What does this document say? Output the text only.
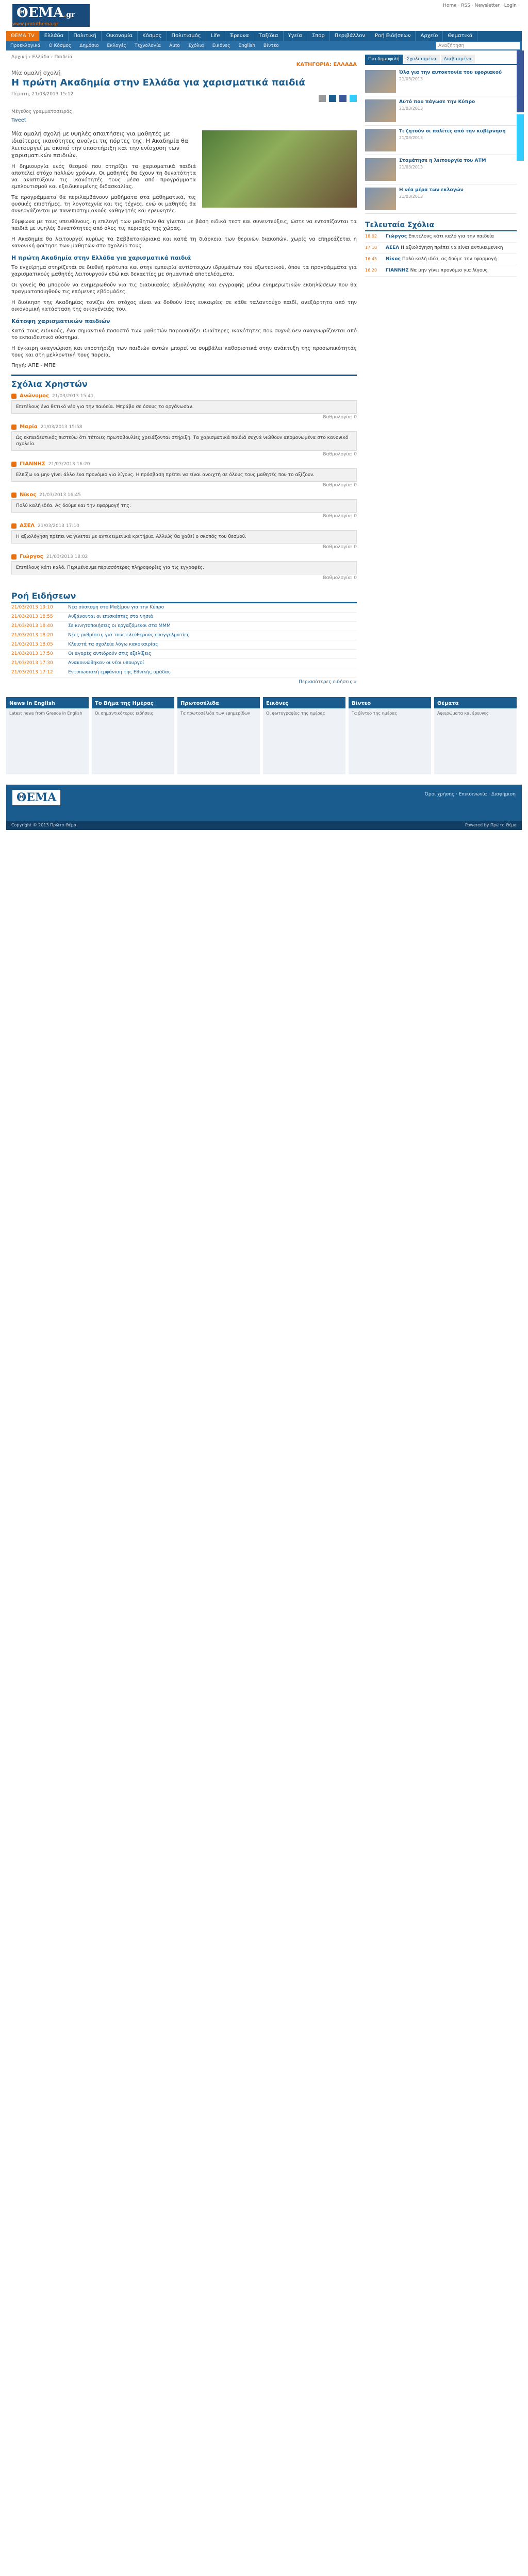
ΘΕΜΑ.gr
www.protothema.gr
Home · RSS · Newsletter · Login
ΘΕΜΑ TV	Ελλάδα	Πολιτική	Οικονομία	Κόσμος	Πολιτισμός	Life	Έρευνα	Ταξίδια	Υγεία	Σπορ	Περιβάλλον	Ροή Ειδήσεων	Αρχείο	Θεματικά
Προεκλογικά	Ο Κόσμος	Δημόσιο	Εκλογές	Τεχνολογία	Auto	Σχόλια	Εικόνες	English	Βίντεο	Αναζήτηση
Αρχική › Ελλάδα › Παιδεία
ΚΑΤΗΓΟΡΙΑ: ΕΛΛΑΔΑ
Μία ομαλή σχολή
Η πρώτη Ακαδημία στην Ελλάδα για χαρισματικά παιδιά
Πέμπτη, 21/03/2013 15:12
Μέγεθος γραμματοσειράς
Tweet
Μία ομαλή σχολή με υψηλές απαιτήσεις για μαθητές με ιδιαίτερες ικανότητες ανοίγει τις πόρτες της. Η Ακαδημία θα λειτουργεί με σκοπό την υποστήριξη και την ενίσχυση των χαρισματικών παιδιών.
Η δημιουργία ενός θεσμού που στηρίζει τα χαρισματικά παιδιά αποτελεί στόχο πολλών χρόνων. Οι μαθητές θα έχουν τη δυνατότητα να αναπτύξουν τις ικανότητές τους μέσα από προγράμματα εμπλουτισμού και εξειδικευμένης διδασκαλίας.
Τα προγράμματα θα περιλαμβάνουν μαθήματα στα μαθηματικά, τις φυσικές επιστήμες, τη λογοτεχνία και τις τέχνες, ενώ οι μαθητές θα συνεργάζονται με πανεπιστημιακούς καθηγητές και ερευνητές.
Σύμφωνα με τους υπευθύνους, η επιλογή των μαθητών θα γίνεται με βάση ειδικά τεστ και συνεντεύξεις, ώστε να εντοπίζονται τα παιδιά με υψηλές δυνατότητες από όλες τις περιοχές της χώρας.
Η Ακαδημία θα λειτουργεί κυρίως τα Σαββατοκύριακα και κατά τη διάρκεια των θερινών διακοπών, χωρίς να επηρεάζεται η κανονική φοίτηση των μαθητών στο σχολείο τους.
Η πρώτη Ακαδημία στην Ελλάδα για χαρισματικά παιδιά
Το εγχείρημα στηρίζεται σε διεθνή πρότυπα και στην εμπειρία αντίστοιχων ιδρυμάτων του εξωτερικού, όπου τα προγράμματα για χαρισματικούς μαθητές λειτουργούν εδώ και δεκαετίες με σημαντικά αποτελέσματα.
Οι γονείς θα μπορούν να ενημερωθούν για τις διαδικασίες αξιολόγησης και εγγραφής μέσω ενημερωτικών εκδηλώσεων που θα πραγματοποιηθούν τις επόμενες εβδομάδες.
Η διοίκηση της Ακαδημίας τονίζει ότι στόχος είναι να δοθούν ίσες ευκαιρίες σε κάθε ταλαντούχο παιδί, ανεξάρτητα από την οικονομική κατάσταση της οικογένειάς του.
Κάτοψη χαρισματικών παιδιών
Κατά τους ειδικούς, ένα σημαντικό ποσοστό των μαθητών παρουσιάζει ιδιαίτερες ικανότητες που συχνά δεν αναγνωρίζονται από το εκπαιδευτικό σύστημα.
Η έγκαιρη αναγνώριση και υποστήριξη των παιδιών αυτών μπορεί να συμβάλει καθοριστικά στην ανάπτυξη της προσωπικότητάς τους και στη μελλοντική τους πορεία.
Πηγή: ΑΠΕ - ΜΠΕ
Σχόλια Χρηστών
Ανώνυμος 21/03/2013 15:41
Επιτέλους ένα θετικό νέο για την παιδεία. Μπράβο σε όσους το οργάνωσαν.
Βαθμολογία: 0
Μαρία 21/03/2013 15:58
Ως εκπαιδευτικός πιστεύω ότι τέτοιες πρωτοβουλίες χρειάζονται στήριξη. Τα χαρισματικά παιδιά συχνά νιώθουν απομονωμένα στο κανονικό σχολείο.
Βαθμολογία: 0
ΓΙΑΝΝΗΣ 21/03/2013 16:20
Ελπίζω να μην γίνει άλλο ένα προνόμιο για λίγους. Η πρόσβαση πρέπει να είναι ανοιχτή σε όλους τους μαθητές που το αξίζουν.
Βαθμολογία: 0
Νίκος 21/03/2013 16:45
Πολύ καλή ιδέα. Ας δούμε και την εφαρμογή της.
Βαθμολογία: 0
ΑΣΕΛ 21/03/2013 17:10
Η αξιολόγηση πρέπει να γίνεται με αντικειμενικά κριτήρια. Αλλιώς θα χαθεί ο σκοπός του θεσμού.
Βαθμολογία: 0
Γιώργος 21/03/2013 18:02
Επιτέλους κάτι καλό. Περιμένουμε περισσότερες πληροφορίες για τις εγγραφές.
Βαθμολογία: 0
Ροή Ειδήσεων
21/03/2013 19:10	Νέα σύσκεψη στο Μαξίμου για την Κύπρο
21/03/2013 18:55	Αυξάνονται οι επισκέπτες στα νησιά
21/03/2013 18:40	Σε κινητοποιήσεις οι εργαζόμενοι στα ΜΜΜ
21/03/2013 18:20	Νέες ρυθμίσεις για τους ελεύθερους επαγγελματίες
21/03/2013 18:05	Κλειστά τα σχολεία λόγω κακοκαιρίας
21/03/2013 17:50	Οι αγορές αντιδρούν στις εξελίξεις
21/03/2013 17:30	Ανακοινώθηκαν οι νέοι υπουργοί
21/03/2013 17:12	Εντυπωσιακή εμφάνιση της Εθνικής ομάδας
Περισσότερες ειδήσεις »
Πιο δημοφιλή	Σχολιασμένα	Διαβασμένα
Όλα για την αυτοκτονία του εφοριακού
21/03/2013
Αυτό που πάγωσε την Κύπρο
21/03/2013
Τι ζητούν οι πολίτες από την κυβέρνηση
21/03/2013
Σταμάτησε η λειτουργία του ΑΤΜ
21/03/2013
Η νέα μέρα των εκλογών
21/03/2013
Τελευταία Σχόλια
18:02	Γιώργος Επιτέλους κάτι καλό για την παιδεία
17:10	ΑΣΕΛ Η αξιολόγηση πρέπει να είναι αντικειμενική
16:45	Νίκος Πολύ καλή ιδέα, ας δούμε την εφαρμογή
16:20	ΓΙΑΝΝΗΣ Να μην γίνει προνόμιο για λίγους
News in English
Latest news from Greece in English
Το Βήμα της Ημέρας
Οι σημαντικότερες ειδήσεις
Πρωτοσέλιδα
Τα πρωτοσέλιδα των εφημερίδων
Εικόνες
Οι φωτογραφίες της ημέρας
Βίντεο
Τα βίντεο της ημέρας
Θέματα
Αφιερώματα και έρευνες
ΘΕΜΑ	Όροι χρήσης · Επικοινωνία · Διαφήμιση
Copyright © 2013 Πρώτο Θέμα	Powered by Πρώτο Θέμα
